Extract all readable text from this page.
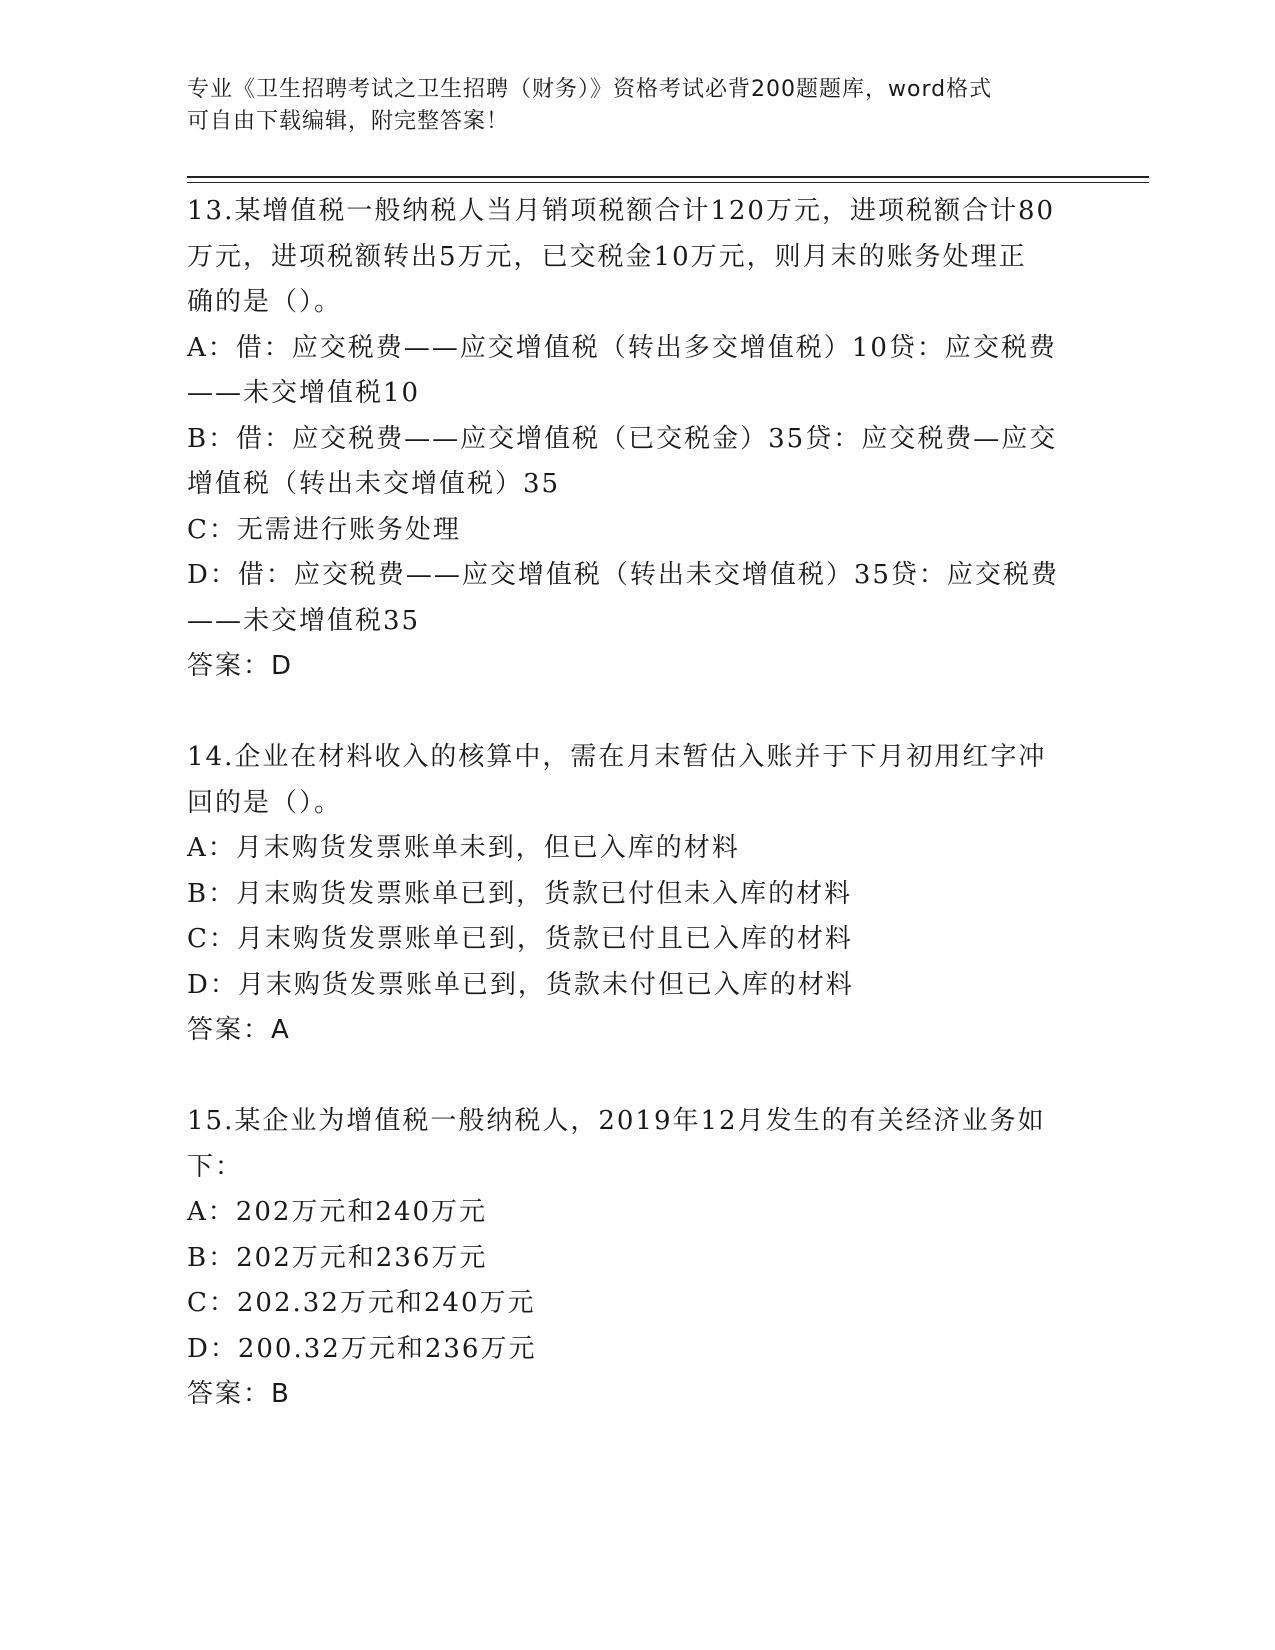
专业《卫生招聘考试之卫生招聘（财务）》资格考试必背200题题库，word格式
可自由下载编辑，附完整答案！
13.某增值税一般纳税人当月销项税额合计120万元，进项税额合计80
万元，进项税额转出5万元，已交税金10万元，则月末的账务处理正
确的是（）。
A：借：应交税费——应交增值税（转出多交增值税）10贷：应交税费
——未交增值税10
B：借：应交税费——应交增值税（已交税金）35贷：应交税费—应交
增值税（转出未交增值税）35
C：无需进行账务处理
D：借：应交税费——应交增值税（转出未交增值税）35贷：应交税费
——未交增值税35
答案：D
14.企业在材料收入的核算中，需在月末暂估入账并于下月初用红字冲
回的是（）。
A：月末购货发票账单未到，但已入库的材料
B：月末购货发票账单已到，货款已付但未入库的材料
C：月末购货发票账单已到，货款已付且已入库的材料
D：月末购货发票账单已到，货款未付但已入库的材料
答案：A
15.某企业为增值税一般纳税人，2019年12月发生的有关经济业务如
下：
A：202万元和240万元
B：202万元和236万元
C：202.32万元和240万元
D：200.32万元和236万元
答案：B
